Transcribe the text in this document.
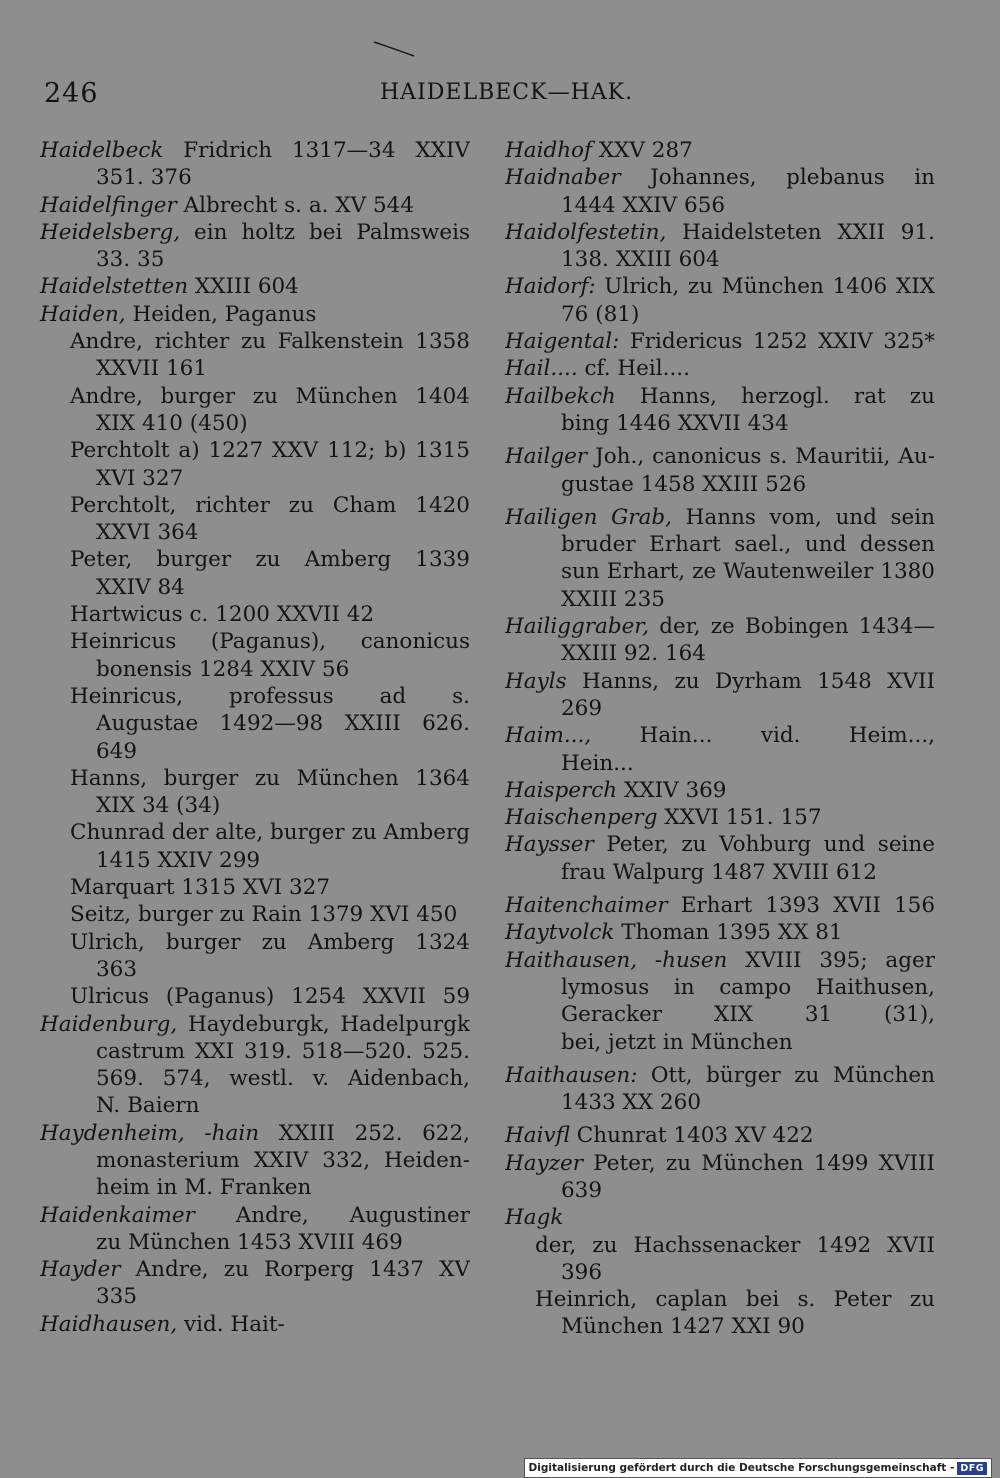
246	HAIDELBECK—HAK.
Haidelbeck Fridrich 1317—34 XXIV
351. 376
Haidelfinger Albrecht s. a. XV 544
Heidelsberg, ein holtz bei Palmsweis
33. 35
Haidelstetten XXIII 604
Haiden, Heiden, Paganus
Andre, richter zu Falkenstein 1358
XXVII 161
Andre, burger zu München 1404
XIX 410 (450)
Perchtolt a) 1227 XXV 112; b) 1315
XVI 327
Perchtolt, richter zu Cham 1420
XXVI 364
Peter, burger zu Amberg 1339
XXIV 84
Hartwicus c. 1200 XXVII 42
Heinricus (Paganus), canonicus
bonensis 1284 XXIV 56
Heinricus, professus ad s.
Augustae 1492—98 XXIII 626.
649
Hanns, burger zu München 1364
XIX 34 (34)
Chunrad der alte, burger zu Amberg
1415 XXIV 299
Marquart 1315 XVI 327
Seitz, burger zu Rain 1379 XVI 450
Ulrich, burger zu Amberg 1324
363
Ulricus (Paganus) 1254 XXVII 59
Haidenburg, Haydeburgk, Hadelpurgk
castrum XXI 319. 518—520. 525.
569. 574, westl. v. Aidenbach,
N. Baiern
Haydenheim, -hain XXIII 252. 622,
monasterium XXIV 332, Heiden-
heim in M. Franken
Haidenkaimer Andre, Augustiner
zu München 1453 XVIII 469
Hayder Andre, zu Rorperg 1437 XV
335
Haidhausen, vid. Hait-
Haidhof XXV 287
Haidnaber Johannes, plebanus in
1444 XXIV 656
Haidolfestetin, Haidelsteten XXII 91.
138. XXIII 604
Haidorf: Ulrich, zu München 1406 XIX
76 (81)
Haigental: Fridericus 1252 XXIV 325*
Hail.... cf. Heil....
Hailbekch Hanns, herzogl. rat zu
bing 1446 XXVII 434
Hailger Joh., canonicus s. Mauritii, Au-
gustae 1458 XXIII 526
Hailigen Grab, Hanns vom, und sein
bruder Erhart sael., und dessen
sun Erhart, ze Wautenweiler 1380
XXIII 235
Hailiggraber, der, ze Bobingen 1434—
XXIII 92. 164
Hayls Hanns, zu Dyrham 1548 XVII
269
Haim..., Hain... vid. Heim...,
Hein...
Haisperch XXIV 369
Haischenperg XXVI 151. 157
Haysser Peter, zu Vohburg und seine
frau Walpurg 1487 XVIII 612
Haitenchaimer Erhart 1393 XVII 156
Haytvolck Thoman 1395 XX 81
Haithausen, -husen XVIII 395; ager
lymosus in campo Haithusen,
Geracker XIX 31 (31),
bei, jetzt in München
Haithausen: Ott, bürger zu München
1433 XX 260
Haivfl Chunrat 1403 XV 422
Hayzer Peter, zu München 1499 XVIII
639
Hagk
der, zu Hachssenacker 1492 XVII
396
Heinrich, caplan bei s. Peter zu
München 1427 XXI 90
Digitalisierung gefördert durch die Deutsche Forschungsgemeinschaft - DFG
